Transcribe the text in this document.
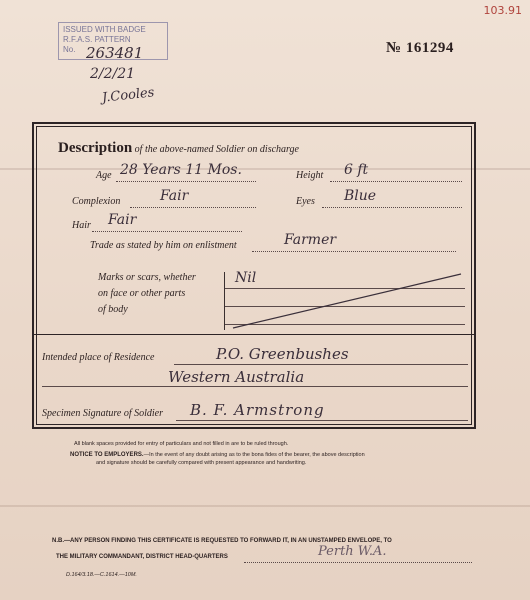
103.91
ISSUED WITH BADGE
R.F.A.S. PATTERN
No. 263481
2/2/21
J.Cooles
№ 161294
Description of the above-named Soldier on discharge
Age 28 Years 11 Mos.	Height 6 ft
Complexion	Fair	Eyes Blue
Hair Fair
Trade as stated by him on enlistment	Farmer
Marks or scars, whether
on face or other parts
of body
Nil
Intended place of Residence	P.O. Greenbushes
Western Australia
Specimen Signature of Soldier B. F. Armstrong
All blank spaces provided for entry of particulars and not filled in are to be ruled through.
NOTICE TO EMPLOYERS.—In the event of any doubt arising as to the bona fides of the bearer, the above description
and signature should be carefully compared with present appearance and handwriting.
N.B.—ANY PERSON FINDING THIS CERTIFICATE IS REQUESTED TO FORWARD IT, IN AN UNSTAMPED ENVELOPE, TO
THE MILITARY COMMANDANT, DISTRICT HEAD-QUARTERS	Perth W.A.
D.164/3.18.—C.1614.—10M.
